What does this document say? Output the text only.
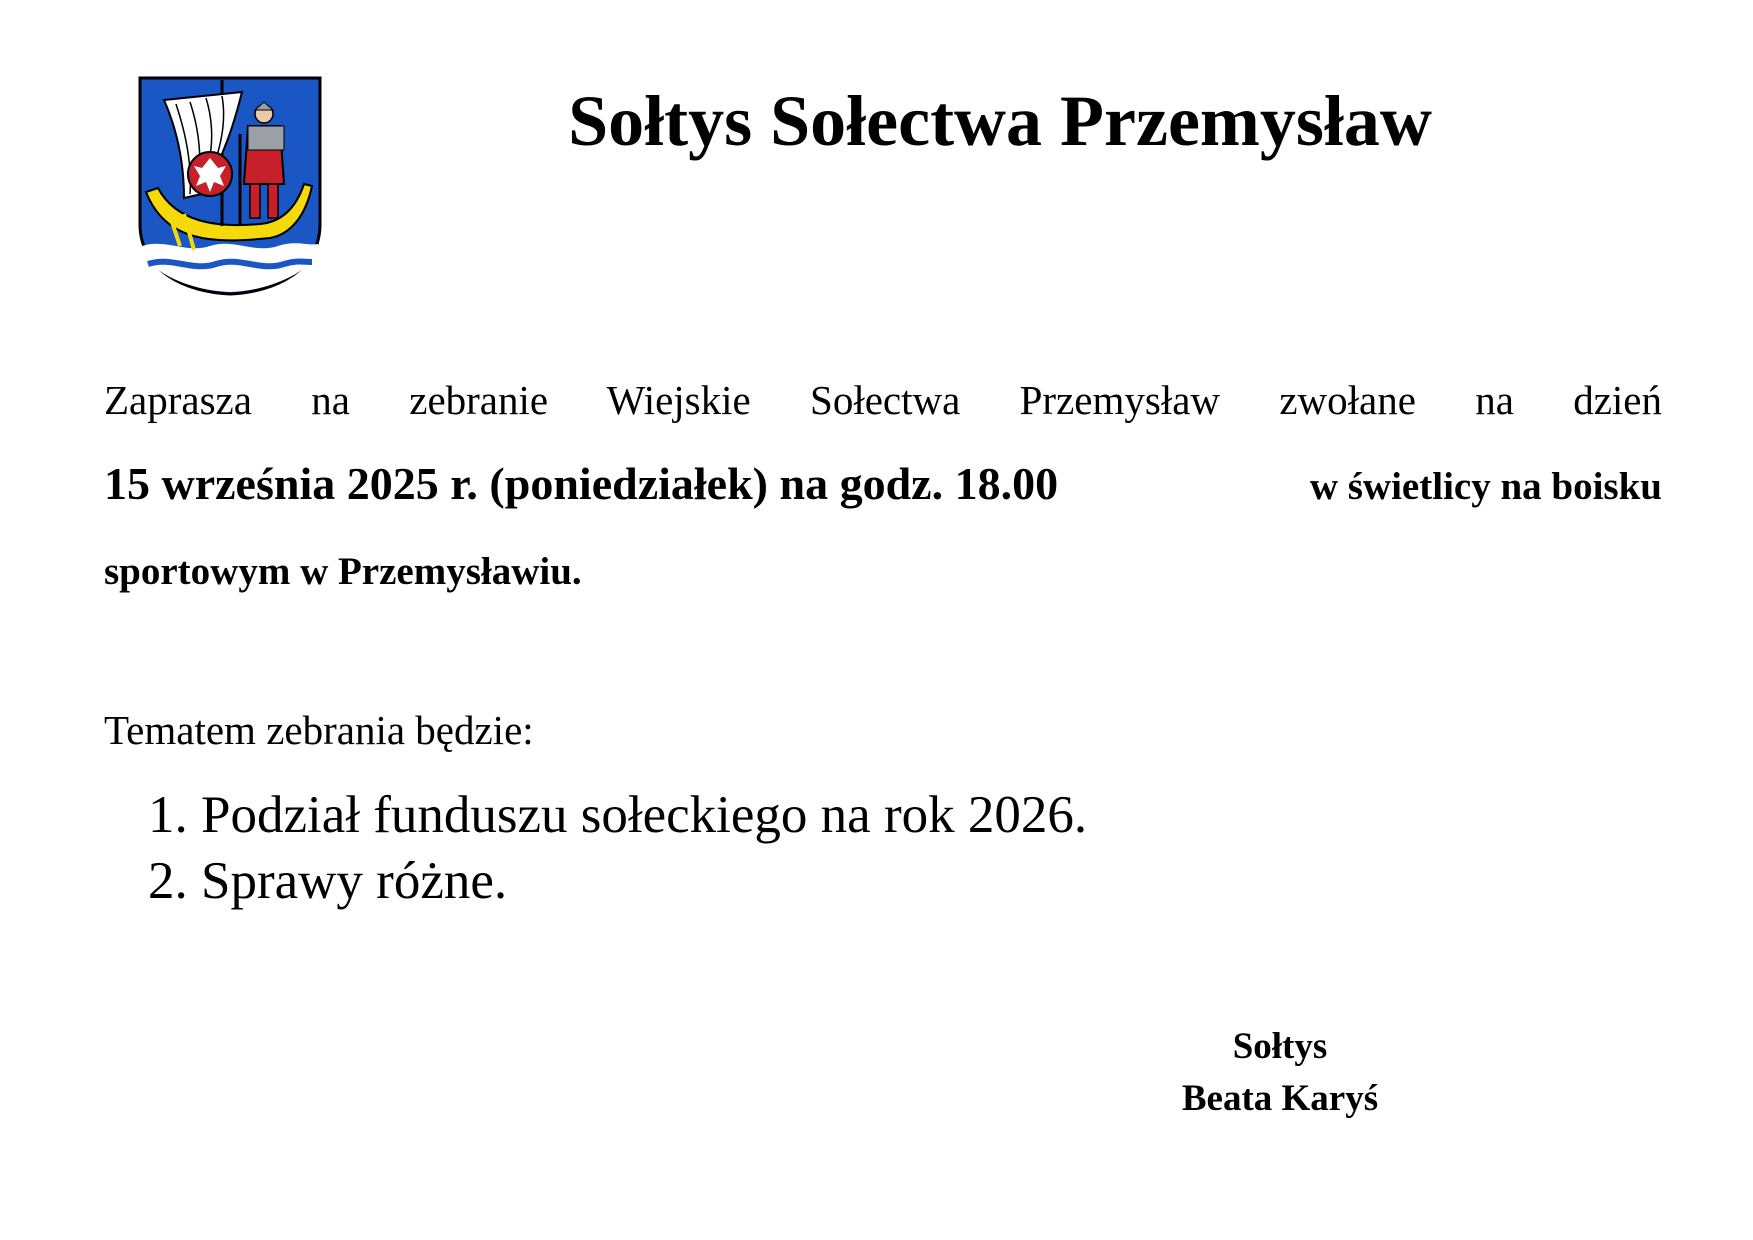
Sołtys Sołectwa Przemysław
Zaprasza na zebranie Wiejskie Sołectwa Przemysław zwołane na dzień
15 września 2025 r. (poniedziałek) na godz. 18.00	w świetlicy na boisku
sportowym w Przemysławiu.
Tematem zebrania będzie:
1. Podział funduszu sołeckiego na rok 2026.
2. Sprawy różne.
Sołtys
Beata Karyś
